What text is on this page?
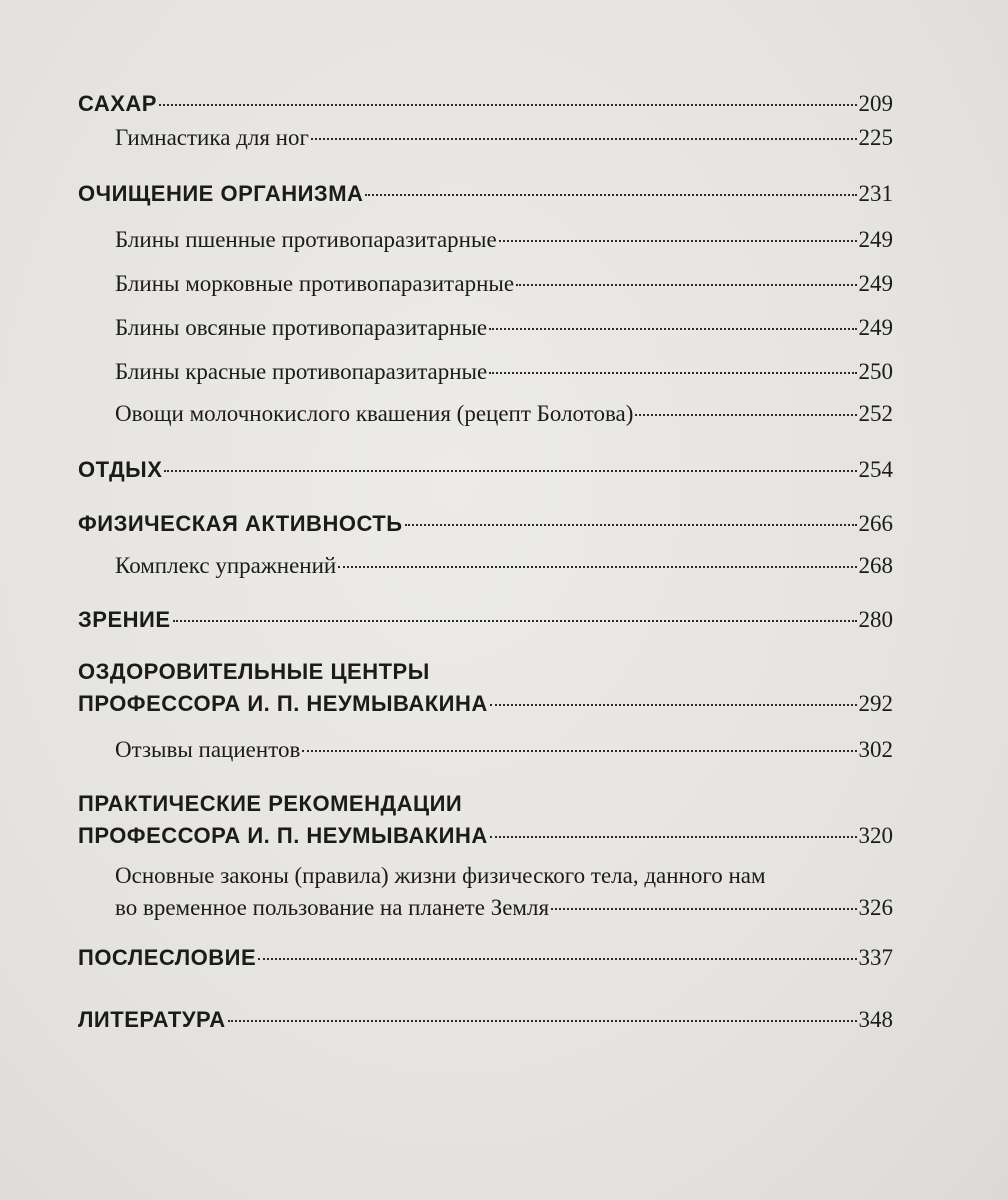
САХАР	209
Гимнастика для ног	225
ОЧИЩЕНИЕ ОРГАНИЗМА	231
Блины пшенные противопаразитарные	249
Блины морковные противопаразитарные	249
Блины овсяные противопаразитарные	249
Блины красные противопаразитарные	250
Овощи молочнокислого квашения (рецепт Болотова)	252
ОТДЫХ	254
ФИЗИЧЕСКАЯ АКТИВНОСТЬ	266
Комплекс упражнений	268
ЗРЕНИЕ	280
ОЗДОРОВИТЕЛЬНЫЕ ЦЕНТРЫ
ПРОФЕССОРА И. П. НЕУМЫВАКИНА	292
Отзывы пациентов	302
ПРАКТИЧЕСКИЕ РЕКОМЕНДАЦИИ
ПРОФЕССОРА И. П. НЕУМЫВАКИНА	320
Основные законы (правила) жизни физического тела, данного нам
во временное пользование на планете Земля	326
ПОСЛЕСЛОВИЕ	337
ЛИТЕРАТУРА	348
